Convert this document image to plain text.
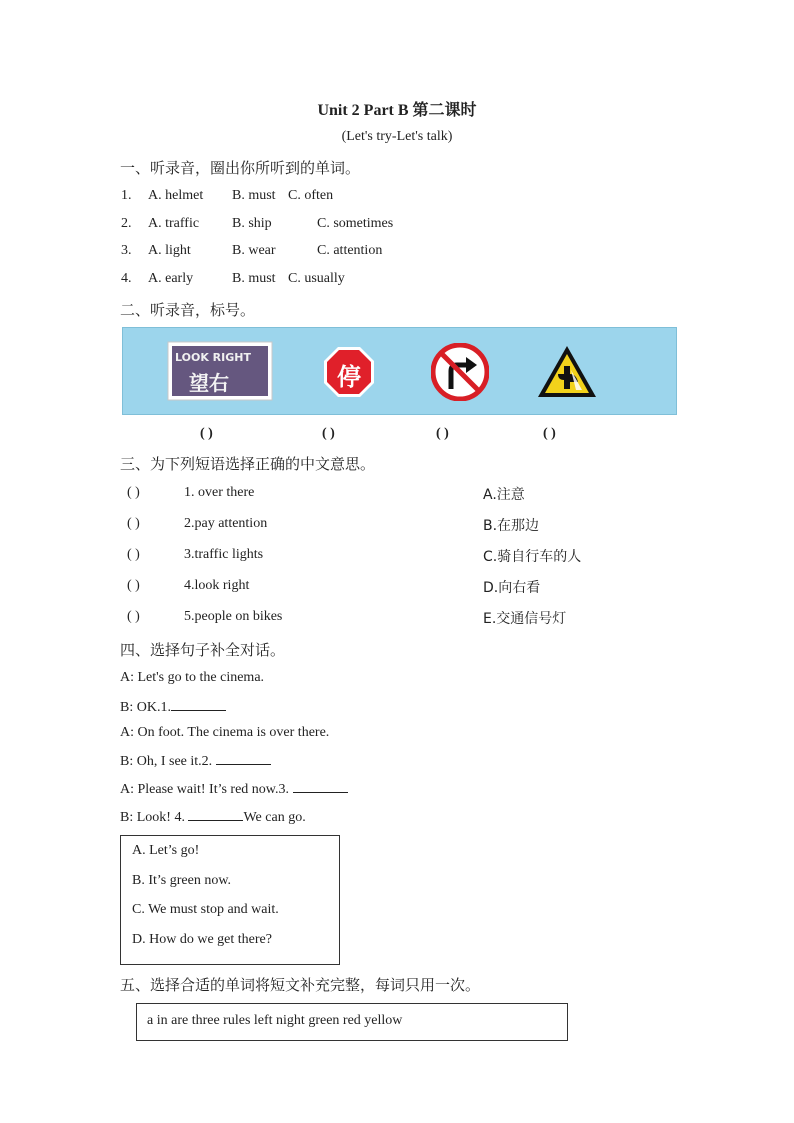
Unit 2 Part B 第二课时
(Let's try-Let's talk)
一、听录音，圈出你所听到的单词。
1. A. helmet B. must C. often
2. A. traffic B. ship	C. sometimes
3. A. light	B. wear	C. attention
4. A. early	B. must C. usually
二、听录音，标号。
LOOK RIGHT
望右	停
( )	( )	( )	( )
三、为下列短语选择正确的中文意思。
( )	1. over there	A.注意
( )	2.pay attention	B.在那边
( )	3.traffic lights	C.骑自行车的人
( )	4.look right	D.向右看
( )	5.people on bikes	E.交通信号灯
四、选择句子补全对话。
A: Let's go to the cinema.
B: OK.1.
A: On foot. The cinema is over there.
B: Oh, I see it.2.
A: Please wait! It’s red now.3.
B: Look! 4.	We can go.
A. Let’s go!
B. It’s green now.
C. We must stop and wait.
D. How do we get there?
五、选择合适的单词将短文补充完整，每词只用一次。
a in are three rules left night green red yellow
